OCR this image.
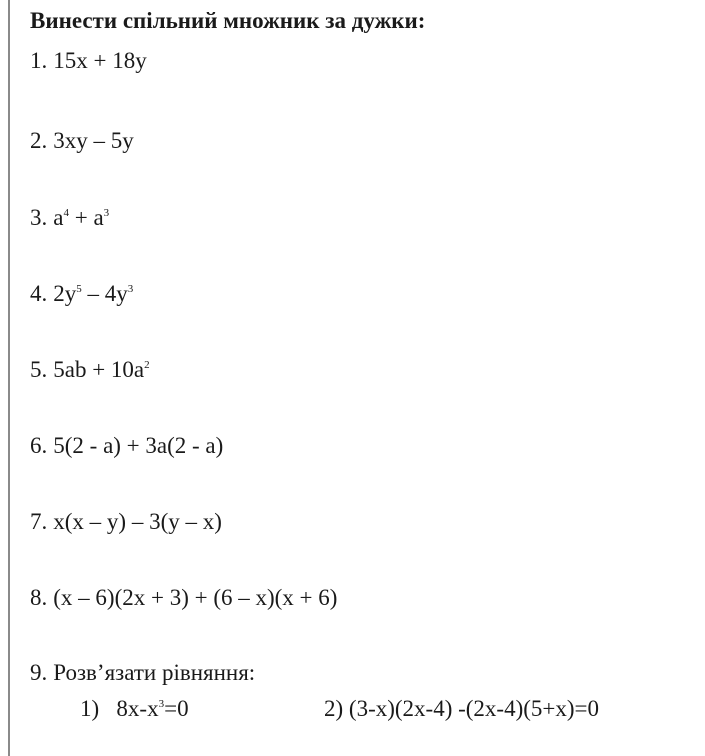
Винести спільний множник за дужки:
1. 15x + 18y
2. 3xy – 5y
3. $a^4 + a^3$
4. $2y^5 - 4y^3$
5. $5ab + 10a^2$
6. 5(2 - a) + 3a(2 - a)
7. x(x – y) – 3(y – x)
8. (x – 6)(2x + 3) + (6 – x)(x + 6)
9. Розв’язати рівняння:
1) $8x-x^3=0$	2) (3-x)(2x-4) -(2x-4)(5+x)=0
